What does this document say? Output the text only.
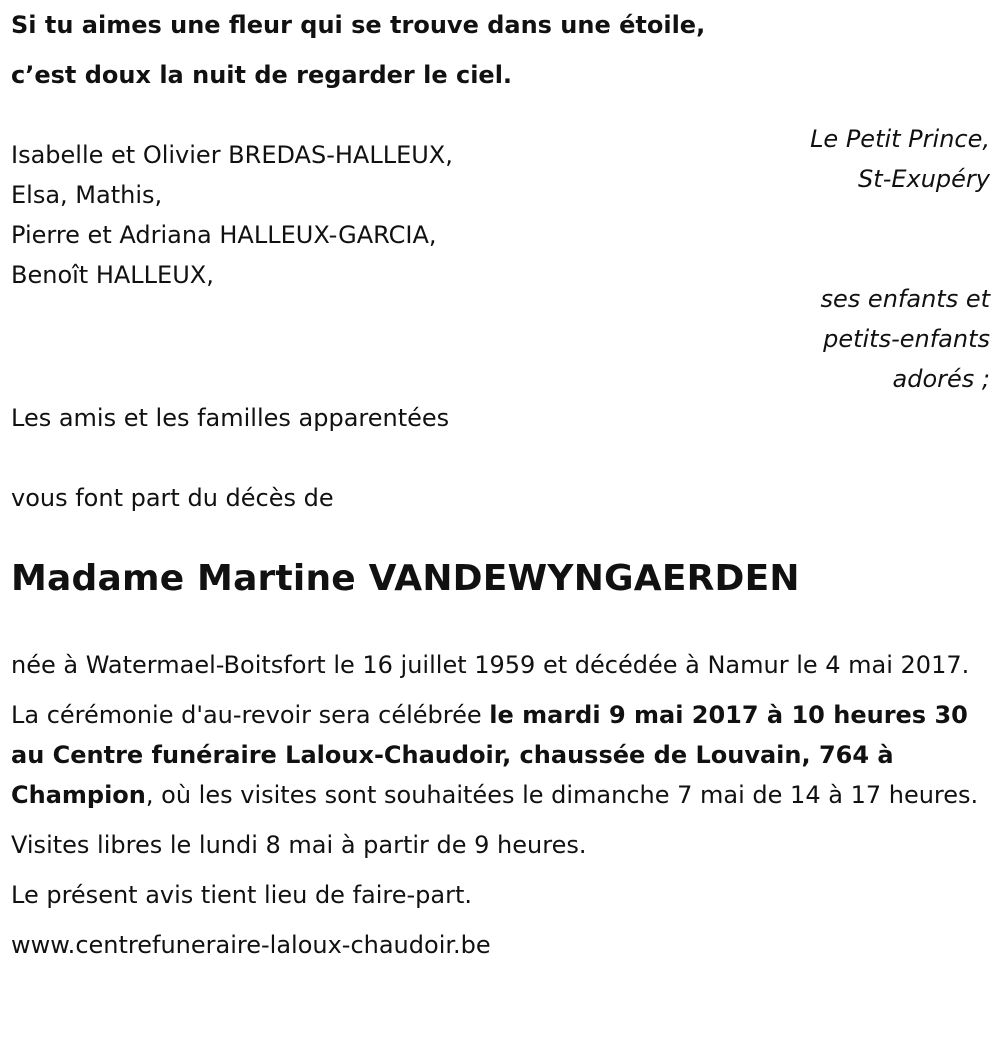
Si tu aimes une fleur qui se trouve dans une étoile,
c’est doux la nuit de regarder le ciel.
Le Petit Prince,
St-Exupéry
Isabelle et Olivier BREDAS-HALLEUX,
Elsa, Mathis,
Pierre et Adriana HALLEUX-GARCIA,
Benoît HALLEUX,
ses enfants et
petits-enfants
adorés ;
Les amis et les familles apparentées
vous font part du décès de
Madame Martine VANDEWYNGAERDEN

née à Watermael-Boitsfort le 16 juillet 1959 et décédée à Namur le 4 mai 2017.

La cérémonie d'au-revoir sera célébrée le mardi 9 mai 2017 à 10 heures 30 au Centre funéraire Laloux-Chaudoir, chaussée de Louvain, 764 à Champion, où les visites sont souhaitées le dimanche 7 mai de 14 à 17 heures.

Visites libres le lundi 8 mai à partir de 9 heures.

Le présent avis tient lieu de faire-part.

www.centrefuneraire-laloux-chaudoir.be
